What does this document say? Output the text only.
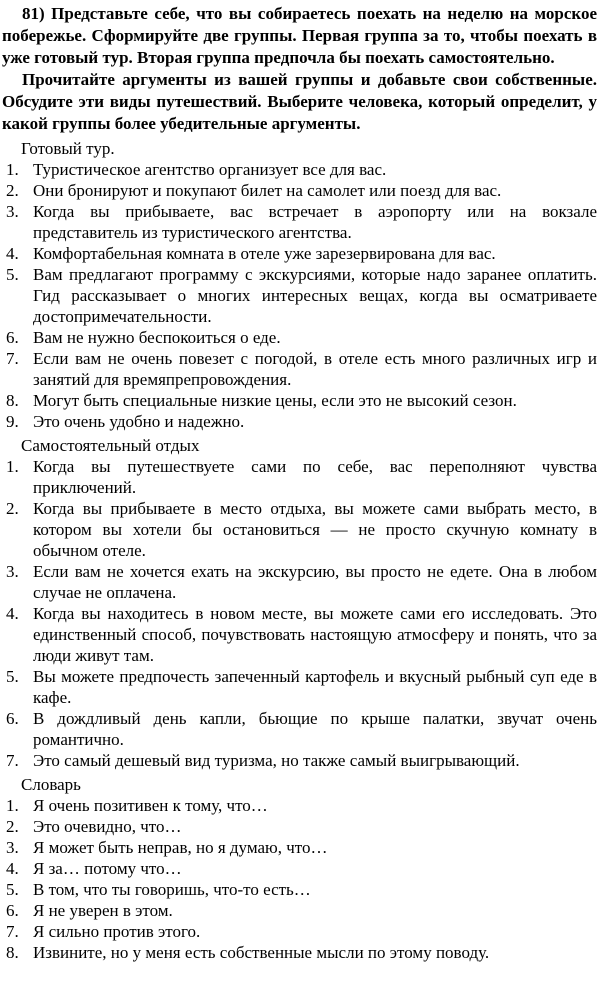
81) Представьте себе, что вы собираетесь поехать на неделю на морское побережье. Сформируйте две группы. Первая группа за то, чтобы поехать в уже готовый тур. Вторая группа предпочла бы поехать самостоятельно.

Прочитайте аргументы из вашей группы и добавьте свои собственные. Обсудите эти виды путешествий. Выберите человека, который определит, у какой группы более убедительные аргументы.

Готовый тур.
1. Туристическое агентство организует все для вас.
2. Они бронируют и покупают билет на самолет или поезд для вас.
3. Когда вы прибываете, вас встречает в аэропорту или на вокзале представитель из туристического агентства.
4. Комфортабельная комната в отеле уже зарезервирована для вас.
5. Вам предлагают программу с экскурсиями, которые надо заранее оплатить. Гид рассказывает о многих интересных вещах, когда вы осматриваете достопримечательности.
6. Вам не нужно беспокоиться о еде.
7. Если вам не очень повезет с погодой, в отеле есть много различных игр и занятий для времяпрепровождения.
8. Могут быть специальные низкие цены, если это не высокий сезон.
9. Это очень удобно и надежно.
Самостоятельный отдых
1. Когда вы путешествуете сами по себе, вас переполняют чувства приключений.
2. Когда вы прибываете в место отдыха, вы можете сами выбрать место, в котором вы хотели бы остановиться — не просто скучную комнату в обычном отеле.
3. Если вам не хочется ехать на экскурсию, вы просто не едете. Она в любом случае не оплачена.
4. Когда вы находитесь в новом месте, вы можете сами его исследовать. Это единственный способ, почувствовать настоящую атмосферу и понять, что за люди живут там.
5. Вы можете предпочесть запеченный картофель и вкусный рыбный суп еде в кафе.
6. В дождливый день капли, бьющие по крыше палатки, звучат очень романтично.
7. Это самый дешевый вид туризма, но также самый выигрывающий.
Словарь
1. Я очень позитивен к тому, что…
2. Это очевидно, что…
3. Я может быть неправ, но я думаю, что…
4. Я за… потому что…
5. В том, что ты говоришь, что-то есть…
6. Я не уверен в этом.
7. Я сильно против этого.
8. Извините, но у меня есть собственные мысли по этому поводу.
